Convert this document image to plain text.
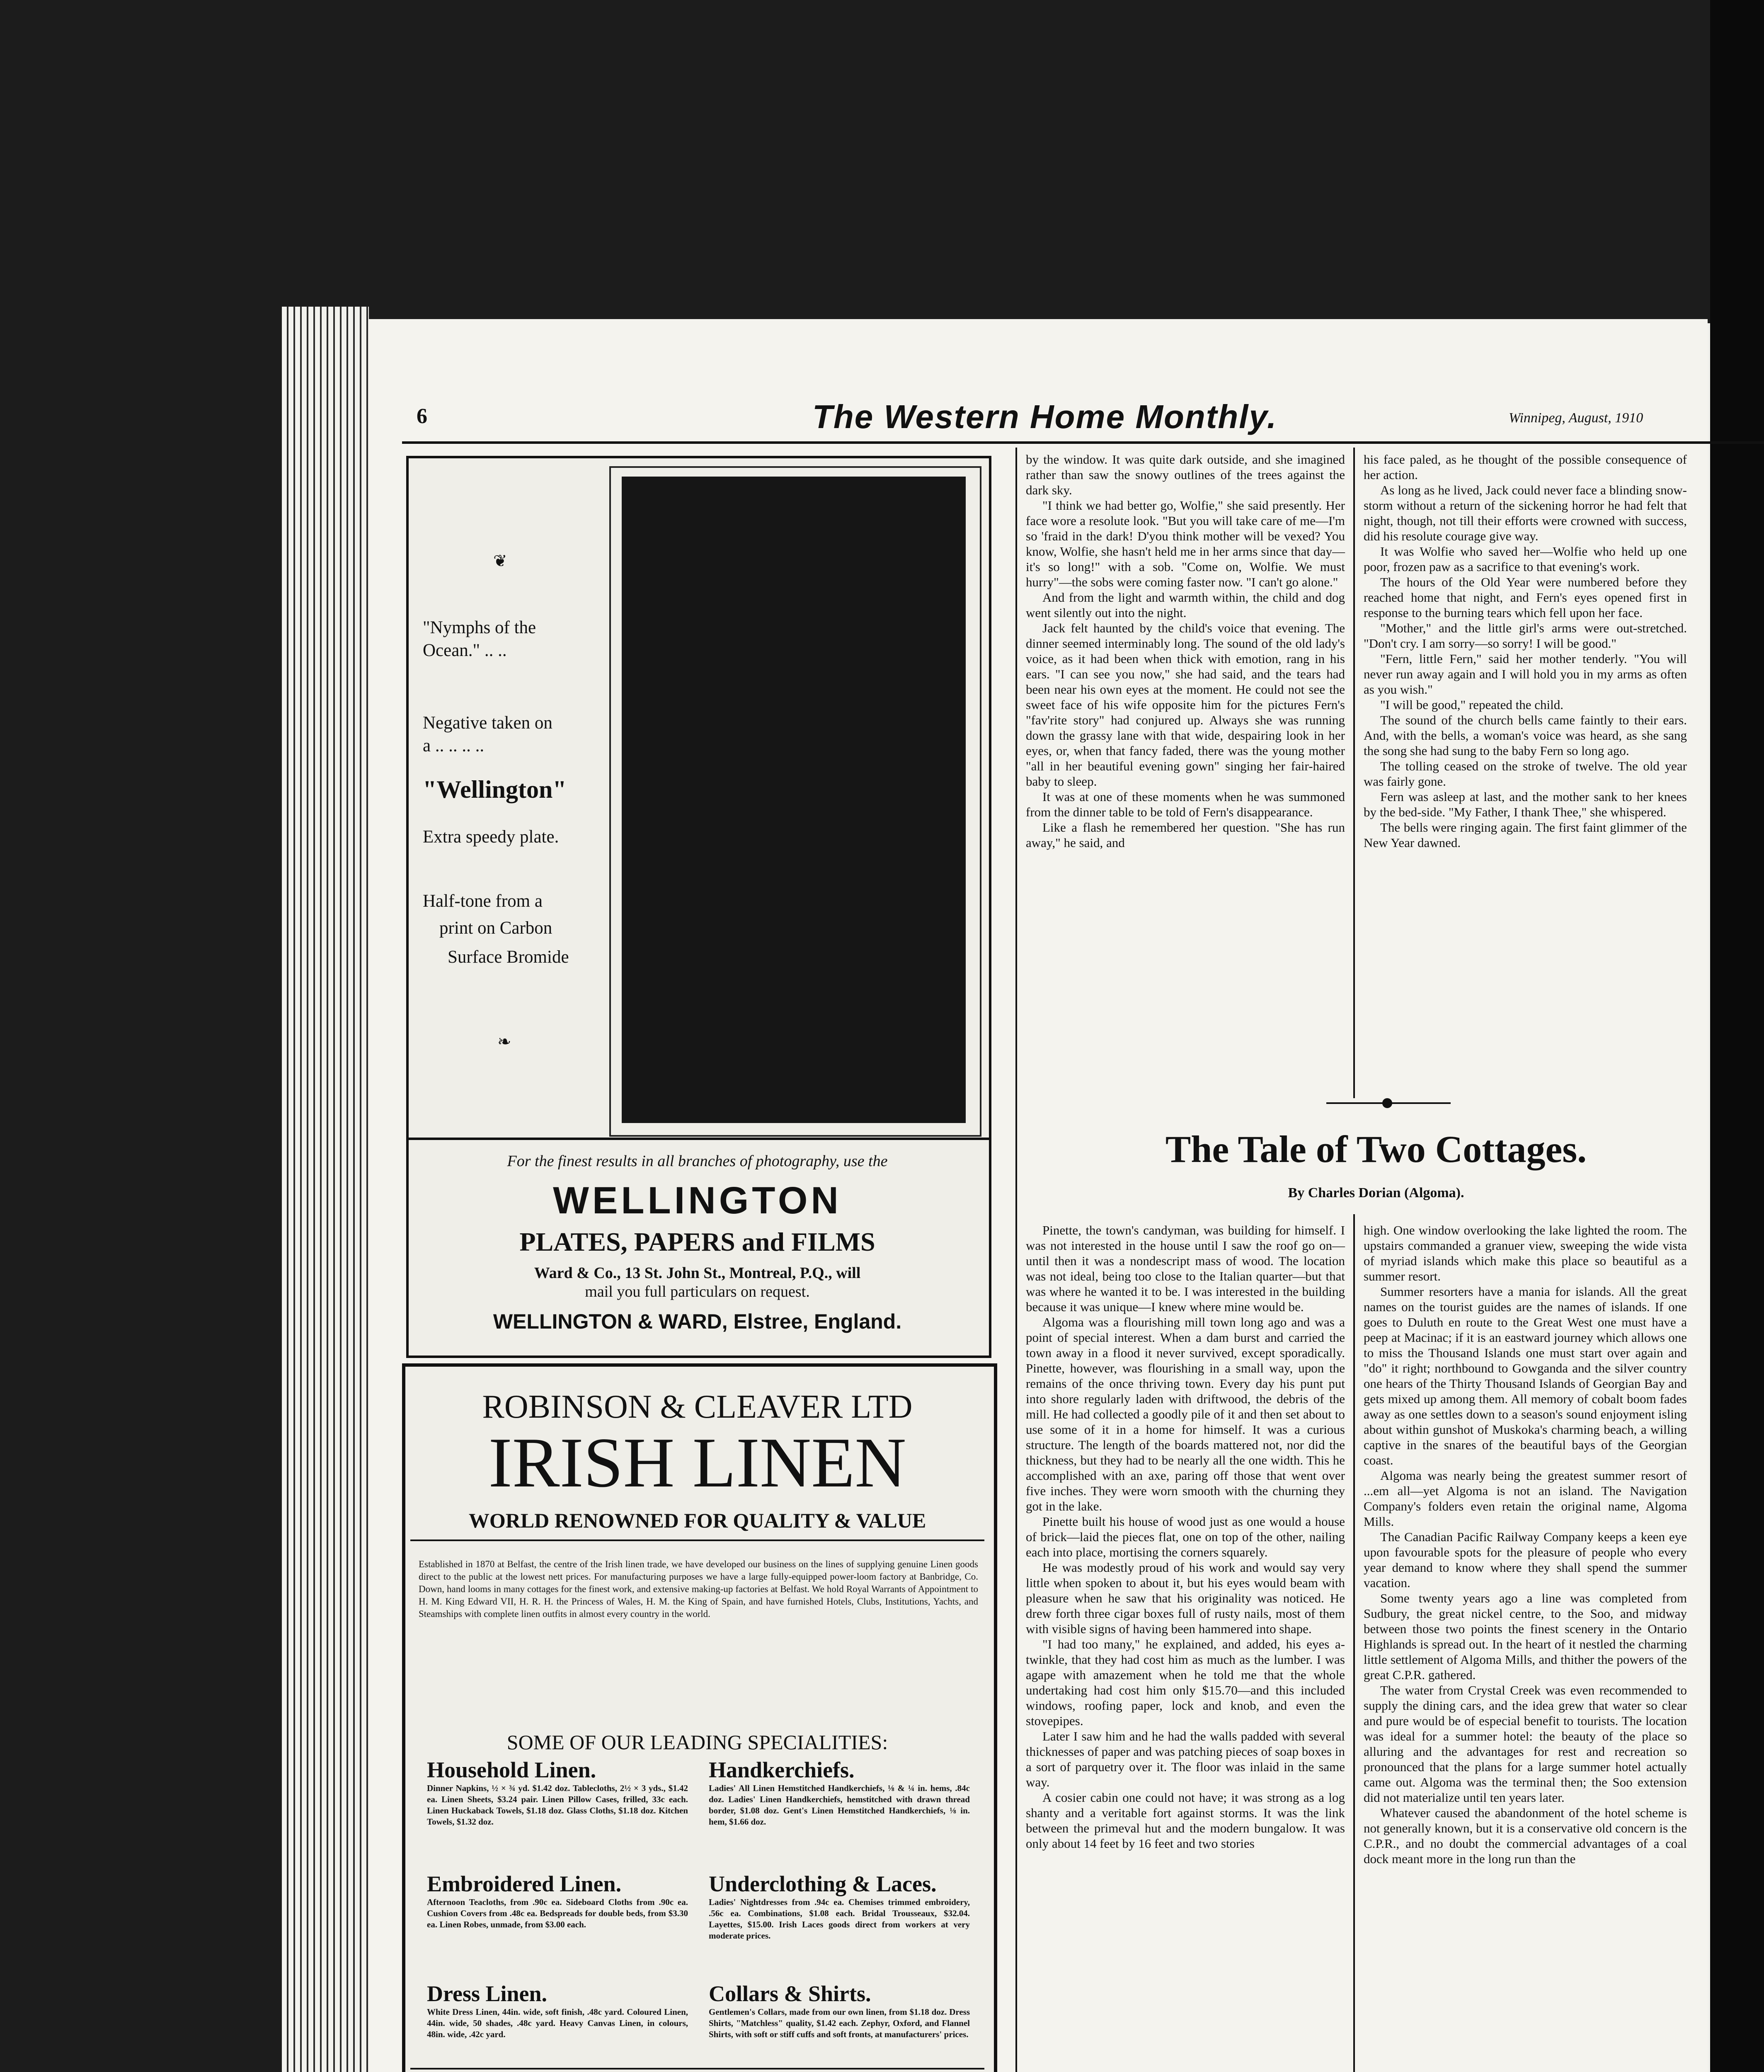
6	The Western Home Monthly.	Winnipeg, August, 1910
❦
"Nymphs of the
Ocean." .. ..
Negative taken on
a .. .. .. ..
"Wellington"
Extra speedy plate.
Half-tone from a
print on Carbon
Surface Bromide
❧
For the finest results in all branches of photography, use the
WELLINGTON
PLATES, PAPERS and FILMS
Ward & Co., 13 St. John St., Montreal, P.Q., will
mail you full particulars on request.
WELLINGTON & WARD, Elstree, England.
ROBINSON & CLEAVER LTD
IRISH LINEN
WORLD RENOWNED FOR QUALITY & VALUE
Established in 1870 at Belfast, the centre of the Irish linen trade, we have developed our business on the lines of supplying genuine Linen goods direct to the public at the lowest nett prices. For manufacturing purposes we have a large fully-equipped power-loom factory at Banbridge, Co. Down, hand looms in many cottages for the finest work, and extensive making-up factories at Belfast. We hold Royal Warrants of Appointment to H. M. King Edward VII, H. R. H. the Princess of Wales, H. M. the King of Spain, and have furnished Hotels, Clubs, Institutions, Yachts, and Steamships with complete linen outfits in almost every country in the world.
SOME OF OUR LEADING SPECIALITIES:
Household Linen.
Dinner Napkins, ½ × ¾ yd. $1.42 doz. Tablecloths, 2½ × 3 yds., $1.42 ea. Linen Sheets, $3.24 pair. Linen Pillow Cases, frilled, 33c each. Linen Huckaback Towels, $1.18 doz. Glass Cloths, $1.18 doz. Kitchen Towels, $1.32 doz.
Embroidered Linen.
Afternoon Teacloths, from .90c ea. Sideboard Cloths from .90c ea. Cushion Covers from .48c ea. Bedspreads for double beds, from $3.30 ea. Linen Robes, unmade, from $3.00 each.
Dress Linen.
White Dress Linen, 44in. wide, soft finish, .48c yard. Coloured Linen, 44in. wide, 50 shades, .48c yard. Heavy Canvas Linen, in colours, 48in. wide, .42c yard.
Handkerchiefs.
Ladies' All Linen Hemstitched Handkerchiefs, ⅛ & ¼ in. hems, .84c doz. Ladies' Linen Handkerchiefs, hemstitched with drawn thread border, $1.08 doz. Gent's Linen Hemstitched Handkerchiefs, ⅛ in. hem, $1.66 doz.
Underclothing & Laces.
Ladies' Nightdresses from .94c ea. Chemises trimmed embroidery, .56c ea. Combinations, $1.08 each. Bridal Trousseaux, $32.04. Layettes, $15.00. Irish Laces goods direct from workers at very moderate prices.
Collars & Shirts.
Gentlemen's Collars, made from our own linen, from $1.18 doz. Dress Shirts, "Matchless" quality, $1.42 each. Zephyr, Oxford, and Flannel Shirts, with soft or stiff cuffs and soft fronts, at manufacturers' prices.

by the window. It was quite dark outside, and she imagined rather than saw the snowy outlines of the trees against the dark sky.

"I think we had better go, Wolfie," she said presently. Her face wore a resolute look. "But you will take care of me—I'm so 'fraid in the dark! D'you think mother will be vexed? You know, Wolfie, she hasn't held me in her arms since that day—it's so long!" with a sob. "Come on, Wolfie. We must hurry"—the sobs were coming faster now. "I can't go alone."

And from the light and warmth within, the child and dog went silently out into the night.

Jack felt haunted by the child's voice that evening. The dinner seemed interminably long. The sound of the old lady's voice, as it had been when thick with emotion, rang in his ears. "I can see you now," she had said, and the tears had been near his own eyes at the moment. He could not see the sweet face of his wife opposite him for the pictures Fern's "fav'rite story" had conjured up. Always she was running down the grassy lane with that wide, despairing look in her eyes, or, when that fancy faded, there was the young mother "all in her beautiful evening gown" singing her fair-haired baby to sleep.

It was at one of these moments when he was summoned from the dinner table to be told of Fern's disappearance.

Like a flash he remembered her question. "She has run away," he said, and

his face paled, as he thought of the possible consequence of her action.

As long as he lived, Jack could never face a blinding snow-storm without a return of the sickening horror he had felt that night, though, not till their efforts were crowned with success, did his resolute courage give way.

It was Wolfie who saved her—Wolfie who held up one poor, frozen paw as a sacrifice to that evening's work.

The hours of the Old Year were numbered before they reached home that night, and Fern's eyes opened first in response to the burning tears which fell upon her face.

"Mother," and the little girl's arms were out-stretched. "Don't cry. I am sorry—so sorry! I will be good."

"Fern, little Fern," said her mother tenderly. "You will never run away again and I will hold you in my arms as often as you wish."

"I will be good," repeated the child.

The sound of the church bells came faintly to their ears. And, with the bells, a woman's voice was heard, as she sang the song she had sung to the baby Fern so long ago.

The tolling ceased on the stroke of twelve. The old year was fairly gone.

Fern was asleep at last, and the mother sank to her knees by the bed-side. "My Father, I thank Thee," she whispered.

The bells were ringing again. The first faint glimmer of the New Year dawned.

The Tale of Two Cottages.
By Charles Dorian (Algoma).

Pinette, the town's candyman, was building for himself. I was not interested in the house until I saw the roof go on—until then it was a nondescript mass of wood. The location was not ideal, being too close to the Italian quarter—but that was where he wanted it to be. I was interested in the building because it was unique—I knew where mine would be.

Algoma was a flourishing mill town long ago and was a point of special interest. When a dam burst and carried the town away in a flood it never survived, except sporadically. Pinette, however, was flourishing in a small way, upon the remains of the once thriving town. Every day his punt put into shore regularly laden with driftwood, the debris of the mill. He had collected a goodly pile of it and then set about to use some of it in a home for himself. It was a curious structure. The length of the boards mattered not, nor did the thickness, but they had to be nearly all the one width. This he accomplished with an axe, paring off those that went over five inches. They were worn smooth with the churning they got in the lake.

Pinette built his house of wood just as one would a house of brick—laid the pieces flat, one on top of the other, nailing each into place, mortising the corners squarely.

He was modestly proud of his work and would say very little when spoken to about it, but his eyes would beam with pleasure when he saw that his originality was noticed. He drew forth three cigar boxes full of rusty nails, most of them with visible signs of having been hammered into shape.

"I had too many," he explained, and added, his eyes a-twinkle, that they had cost him as much as the lumber. I was agape with amazement when he told me that the whole undertaking had cost him only $15.70—and this included windows, roofing paper, lock and knob, and even the stovepipes.

Later I saw him and he had the walls padded with several thicknesses of paper and was patching pieces of soap boxes in a sort of parquetry over it. The floor was inlaid in the same way.

A cosier cabin one could not have; it was strong as a log shanty and a veritable fort against storms. It was the link between the primeval hut and the modern bungalow. It was only about 14 feet by 16 feet and two stories

high. One window overlooking the lake lighted the room. The upstairs commanded a granuer view, sweeping the wide vista of myriad islands which make this place so beautiful as a summer resort.

Summer resorters have a mania for islands. All the great names on the tourist guides are the names of islands. If one goes to Duluth en route to the Great West one must have a peep at Macinac; if it is an eastward journey which allows one to miss the Thousand Islands one must start over again and "do" it right; northbound to Gowganda and the silver country one hears of the Thirty Thousand Islands of Georgian Bay and gets mixed up among them. All memory of cobalt boom fades away as one settles down to a season's sound enjoyment isling about within gunshot of Muskoka's charming beach, a willing captive in the snares of the beautiful bays of the Georgian coast.

Algoma was nearly being the greatest summer resort of ...em all—yet Algoma is not an island. The Navigation Company's folders even retain the original name, Algoma Mills.

The Canadian Pacific Railway Company keeps a keen eye upon favourable spots for the pleasure of people who every year demand to know where they shall spend the summer vacation.

Some twenty years ago a line was completed from Sudbury, the great nickel centre, to the Soo, and midway between those two points the finest scenery in the Ontario Highlands is spread out. In the heart of it nestled the charming little settlement of Algoma Mills, and thither the powers of the great C.P.R. gathered.

The water from Crystal Creek was even recommended to supply the dining cars, and the idea grew that water so clear and pure would be of especial benefit to tourists. The location was ideal for a summer hotel: the beauty of the place so alluring and the advantages for rest and recreation so pronounced that the plans for a large summer hotel actually came out. Algoma was the terminal then; the Soo extension did not materialize until ten years later.

Whatever caused the abandonment of the hotel scheme is not generally known, but it is a conservative old concern is the C.P.R., and no doubt the commercial advantages of a coal dock meant more in the long run than the
